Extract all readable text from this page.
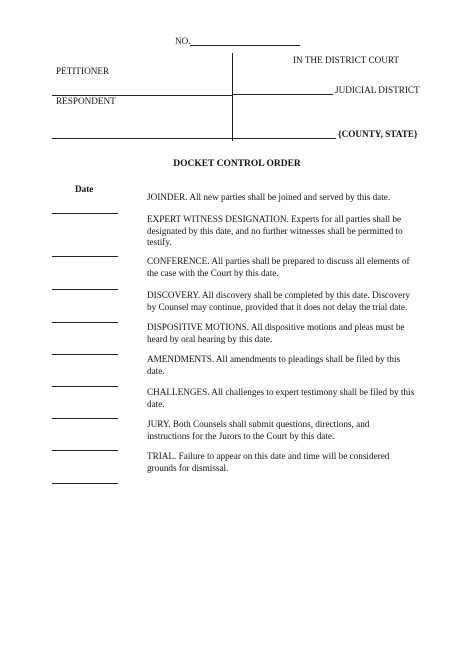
NO.
PETITIONER
RESPONDENT
IN THE DISTRICT COURT
JUDICIAL DISTRICT
{COUNTY, STATE}
DOCKET CONTROL ORDER
Date
JOINDER. All new parties shall be joined and served by this date.
EXPERT WITNESS DESIGNATION. Experts for all parties shall be
designated by this date, and no further witnesses shall be permitted to
testify.
CONFERENCE. All parties shall be prepared to discuss all elements of
the case with the Court by this date.
DISCOVERY. All discovery shall be completed by this date. Discovery
by Counsel may continue, provided that it does not delay the trial date.
DISPOSITIVE MOTIONS. All dispositive motions and pleas must be
heard by oral hearing by this date.
AMENDMENTS. All amendments to pleadings shall be filed by this
date.
CHALLENGES. All challenges to expert testimony shall be filed by this
date.
JURY. Both Counsels shall submit questions, directions, and
instructions for the Jurors to the Court by this date.
TRIAL. Failure to appear on this date and time will be considered
grounds for dismissal.
